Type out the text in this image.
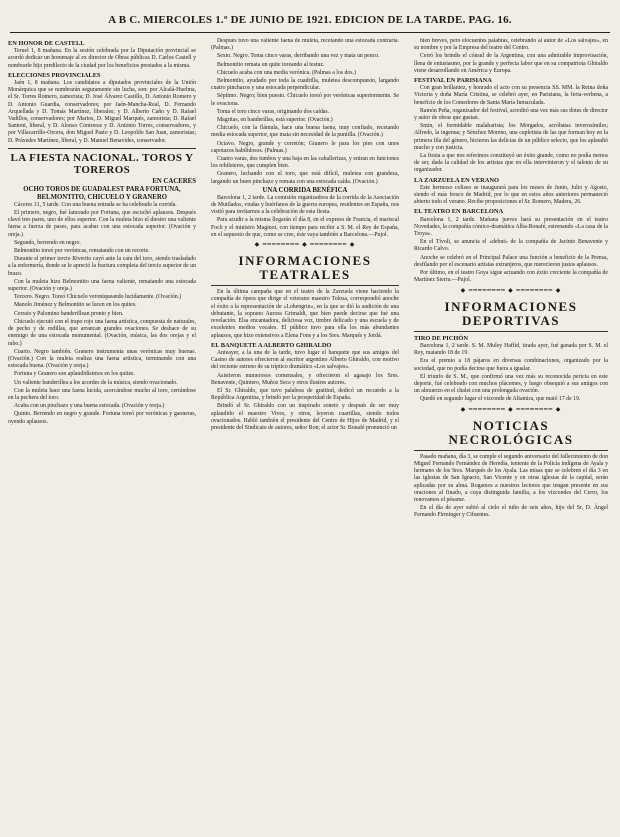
A B C. MIERCOLES 1.º DE JUNIO DE 1921. EDICION DE LA TARDE. PAG. 16.
EN HONOR DE CASTELL

Teruel 1, 8 mañana. En la sesión celebrada por la Diputación provincial se acordó dedicar un homenaje al ex director de Obras públicas D. Carlos Castell y nombrarle hijo predilecto de la ciudad por los beneficios prestados a la misma.

ELECCIONES PROVINCIALES

Jaén 1, 8 mañana. Los candidatos a diputados provinciales de la Unión Monárquica que se nombrarán seguramente sin lucha, son: por Alcalá-Huelma, el Sr. Torres Romero, zamorista; D. José Álvarez Castillo, D. Antonio Romero y D. Antonio Guardia, conservadores; por Jaén-Mancha-Real, D. Fernando Arquellada y D. Tomás Martínez, liberales; y D. Alberto Caño y D. Rafael Vadillos, conservadores; por Martos, D. Miguel Marqués, zamorista; D. Rafael Santoni, liberal, y D. Alonso Contreras y D. Antonio Torres, conservadores, y por Villacarrillo-Orcera, don Miguel Pasto y D. Leopoldo San Juan, zamoristas; D. Práxedes Martínez, liberal, y D. Manuel Benavides, conservador.

LA FIESTA NACIONAL. TOROS Y TOREROS
EN CACERES
OCHO TOROS DE GUADALEST PARA FORTUNA, BELMONTITO, CHICUELO Y GRANERO

Cáceres 31, 5 tarde. Con una buena entrada se ha celebrado la corrida.

El primero, negro, fué lanceado por Fortuna, que escuchó aplausos. Después clavó tres pares, uno de ellos superior. Con la muleta hizo el diestro una valiente faena a fuerza de pases, para acabar con una estocada superior. (Ovación y oreja.)

Segundo, berrendo en negro.

Belmontito toreó por verónicas, rematando con un recorte.

Durante el primer tercio Riverito cayó ante la cara del toro, siendo trasladado a la enfermería, donde se le apreció la fractura completa del tercio superior de un brazo.

Con la muleta hizo Belmontito una faena valiente, rematando una estocada superior. (Ovación y oreja.)

Tercero. Negro. Toreó Chicuelo veroniqueando lucidamente. (Ovación.)

Manolo Jiménez y Belmontito se lucen en los quites.

Cerrato y Palomino banderillean pronto y bien.

Chicuelo ejecutó con el trapo rojo una faena artística, compuesta de naturales, de pecho y de rodillas, que arrancan grandes ovaciones. Se deshace de su enemigo de una estocada monumental. (Ovación, música, las dos orejas y el rabo.)

Cuarto. Negro también. Granero instrumenta unas verónicas muy buenas. (Ovación.) Con la muleta realiza una faena artística, terminando con una estocada buena. (Ovación y oreja.)

Fortuna y Granero son aplaudidísimos en los quites.

Un valiente banderillea a los acordes de la música, siendo ovacionado.

Con la muleta hace una faena lucida, acercándose mucho al toro, cerrándose en la pechera del toro.

Acaba con un pinchazo y una buena estocada. (Ovación y oreja.)

Quinto. Berrendo en negro y grande. Fortuna toreó por verónicas y gaoneras, oyendo aplausos.

Después tuvo una valiente faena de muleta, recetando una estocada contraria. (Palmas.)

Sexto. Negro. Toma cinco varas, derribando una vez y mata un penco.

Belmontito remata un quite toreando al testuz.

Chicuelo acaba con una media verónica. (Palmas a los dos.)

Belmontito, ayudado por toda la cuadrilla, muletea descompuesto, largando cuatro pinchazos y una estocada perpendicular.

Séptimo. Negro; bien puesto. Chicuelo toreó por verónicas superiormente. Se le ovaciona.

Toma el toro cinco varas, originando dos caídas.

Magritas, en banderillas, está superior. (Ovación.)

Chicuelo, con la flámula, hace una buena faena, muy confiado, recetando media estocada superior, que mata sin necesidad de la puntilla. (Ovación.)

Octavo. Negro, grande y corretón; Granero le para los pies con unos capotazos habilidosos. (Palmas.)

Cuatro varas, dos tumbos y una baja en las caballerizas, y entran en funciones los rehileteros, que cumplen bien.

Granero, luchando con el toro, que está difícil, muletea con grandeza, largando un buen pinchazo y remata con una estocada caída. (Ovación.)

UNA CORRIDA BENÉFICA

Barcelona 1, 2 tarde. La comisión organizadora de la corrida de la Asociación de Mutilados, viudas y huérfanos de la guerra europea, residentes en España, nos visitó para invitarnos a la celebración de esta fiesta.

Para acudir a la misma llegarán el día 8, en el expreso de Francia, el mariscal Foch y el ministro Maginot, con tiempo para recibir a S. M. el Rey de España, en el supuesto de que, como se cree, éste vaya también a Barcelona.—Pujol.

◆ ━━━━━━━━ ◆ ━━━━━━━━ ◆
INFORMACIONES TEATRALES

En la última campaña que en el teatro de la Zarzuela viene haciendo la compañía de ópera que dirige el veterano maestro Tolosa, correspondió anoche el éxito a la representación de «Lohengrin», en la que se dió la audición de una debutante, la soprano Aurora Grimaldi, que bien puede decirse que fué una revelación. Elsa encantadora, deliciosa voz, timbre delicado y una escuela y de excelentes medios vocales. El público tuvo para ella los más abundantes aplausos, que hizo extensivos a Elena Fons y a los Sres. Marqués y Jordá.

EL BANQUETE A ALBERTO GHIRALDO

Anteayer, a la una de la tarde, tuvo lugar el banquete que sus amigos del Casino de autores ofrecieron al escritor argentino Alberto Ghiraldo, con motivo del reciente estreno de su tríptico dramático «Los salvajes».

Asistieron numerosos comensales, y ofrecieron el agasajo los Sres. Benavente, Quintero, Muñoz Seca y otros ilustres autores.

El Sr. Ghiraldo, que tuvo palabras de gratitud, dedicó un recuerdo a la República Argentina, y brindó por la prosperidad de España.

Brindó el Sr. Ghiraldo con un inspirado soneto y después de ser muy aplaudido el maestro Vives, y otros, leyeron cuartillas, siendo todos ovacionados. Habló también el presidente del Centro de Hijos de Madrid, y el presidente del Sindicato de autores, señor Ron; el actor Sr. Bonafé pronunció un

bien breves, pero elocuentes palabras, celebrando al autor de «Los salvajes», en su nombre y por la Empresa del teatro del Centro.

Cerró los brindis el cónsul de la Argentina, con una admirable improvisación, llena de entusiasmo, por la grande y perfecta labor que en su compatriota Ghiraldo viene desarrollando en América y Europa.

FESTIVAL EN PARISIANA

Con gran brillantez, y honrado el acto con su presencia SS. MM. la Reina doña Victoria y doña María Cristina, se celebró ayer, en Parisiana, la feria-verbena, a beneficio de los Comedores de Santa María Inmaculada.

Ramón Peña, organizador del festival, acreditó una vez más sus dotes de director y autor de obras que gustan.

Smin, el formidable malabarista; los Morgados, acróbatas inverosímiles; Alfredo, la ingenua; y Sénchez Moreno, una cupletista de las que forman hoy en la primera fila del género, hicieron las delicias de un público selecto, que los aplaudió mucho y con justicia.

La fiesta a que nos referimos constituyó un éxito grande, como no podía menos de ser, dada la calidad de los artistas que en ella intervinieron y el talento de su organizador.

LA ZARZUELA EN VERANO

Este hermoso coliseo se inaugurará para los meses de Junio, Julio y Agosto, siendo el más fresco de Madrid, por lo que en estos años anteriores permaneció abierto todo el verano. Recibe proposiciones el Sr. Romero, Madera, 26.

EL TEATRO EN BARCELONA

Barcelona 1, 2 tarde. Mañana jueves hará su presentación en el teatro Novedades, la compañía cómico-dramática Alba-Bonafé, estrenando «La casa de la Troya».

En el Tívoli, se anuncia el «debut» de la compañía de Jacinto Benavente y Ricardo Calvo.

Anoche se celebró en el Principal Palace una función a beneficio de la Prensa, desfilando por el escenario artistas extranjeros, que merecieron justos aplausos.

Por último, en el teatro Goya sigue actuando con éxito creciente la compañía de Martínez Sierra.—Pujol.

◆ ━━━━━━━━ ◆ ━━━━━━━━ ◆
INFORMACIONES DEPORTIVAS
TIRO DE PICHÓN

Barcelona 1, 2 tarde. S. M. Muley Haffid, tirada ayer, fué ganada por S. M. el Rey, matando 18 de 19.

Era el premio a 18 pájaros en diversas combinaciones, organizado por la sociedad, que no podía decirse que fuera a igualar.

El triunfo de S. M., que confirmó una vez más su reconocida pericia en este deporte, fué celebrado con muchos plácemes, y luego obsequió a sus amigos con un almuerzo en el chalet con una prolongada ovación.

Quedó en segundo lugar el vizconde de Altamira, que mató 17 de 19.

◆ ━━━━━━━━ ◆ ━━━━━━━━ ◆
NOTICIAS NECROLÓGICAS

Pasado mañana, día 3, se cumple el segundo aniversario del fallecimiento de don Miguel Fernando Fernández de Heredia, teniente de la Policía indígena de Ayala y hermano de los Sres. Marqués de los Ayala. Las misas que se celebren el día 3 en las iglesias de San Ignacio, San Vicente y en otras iglesias de la capital, serán aplicadas por su alma. Rogamos a nuestros lectores que tengan presente en sus oraciones al finado, a cuya distinguida familia, a los vizcondes del Cerro, los renovamos el pésame.

En el día de ayer subió al cielo el niño de seis años, hijo del Sr. D. Ángel Fernando Firminger y Cifuentes.
